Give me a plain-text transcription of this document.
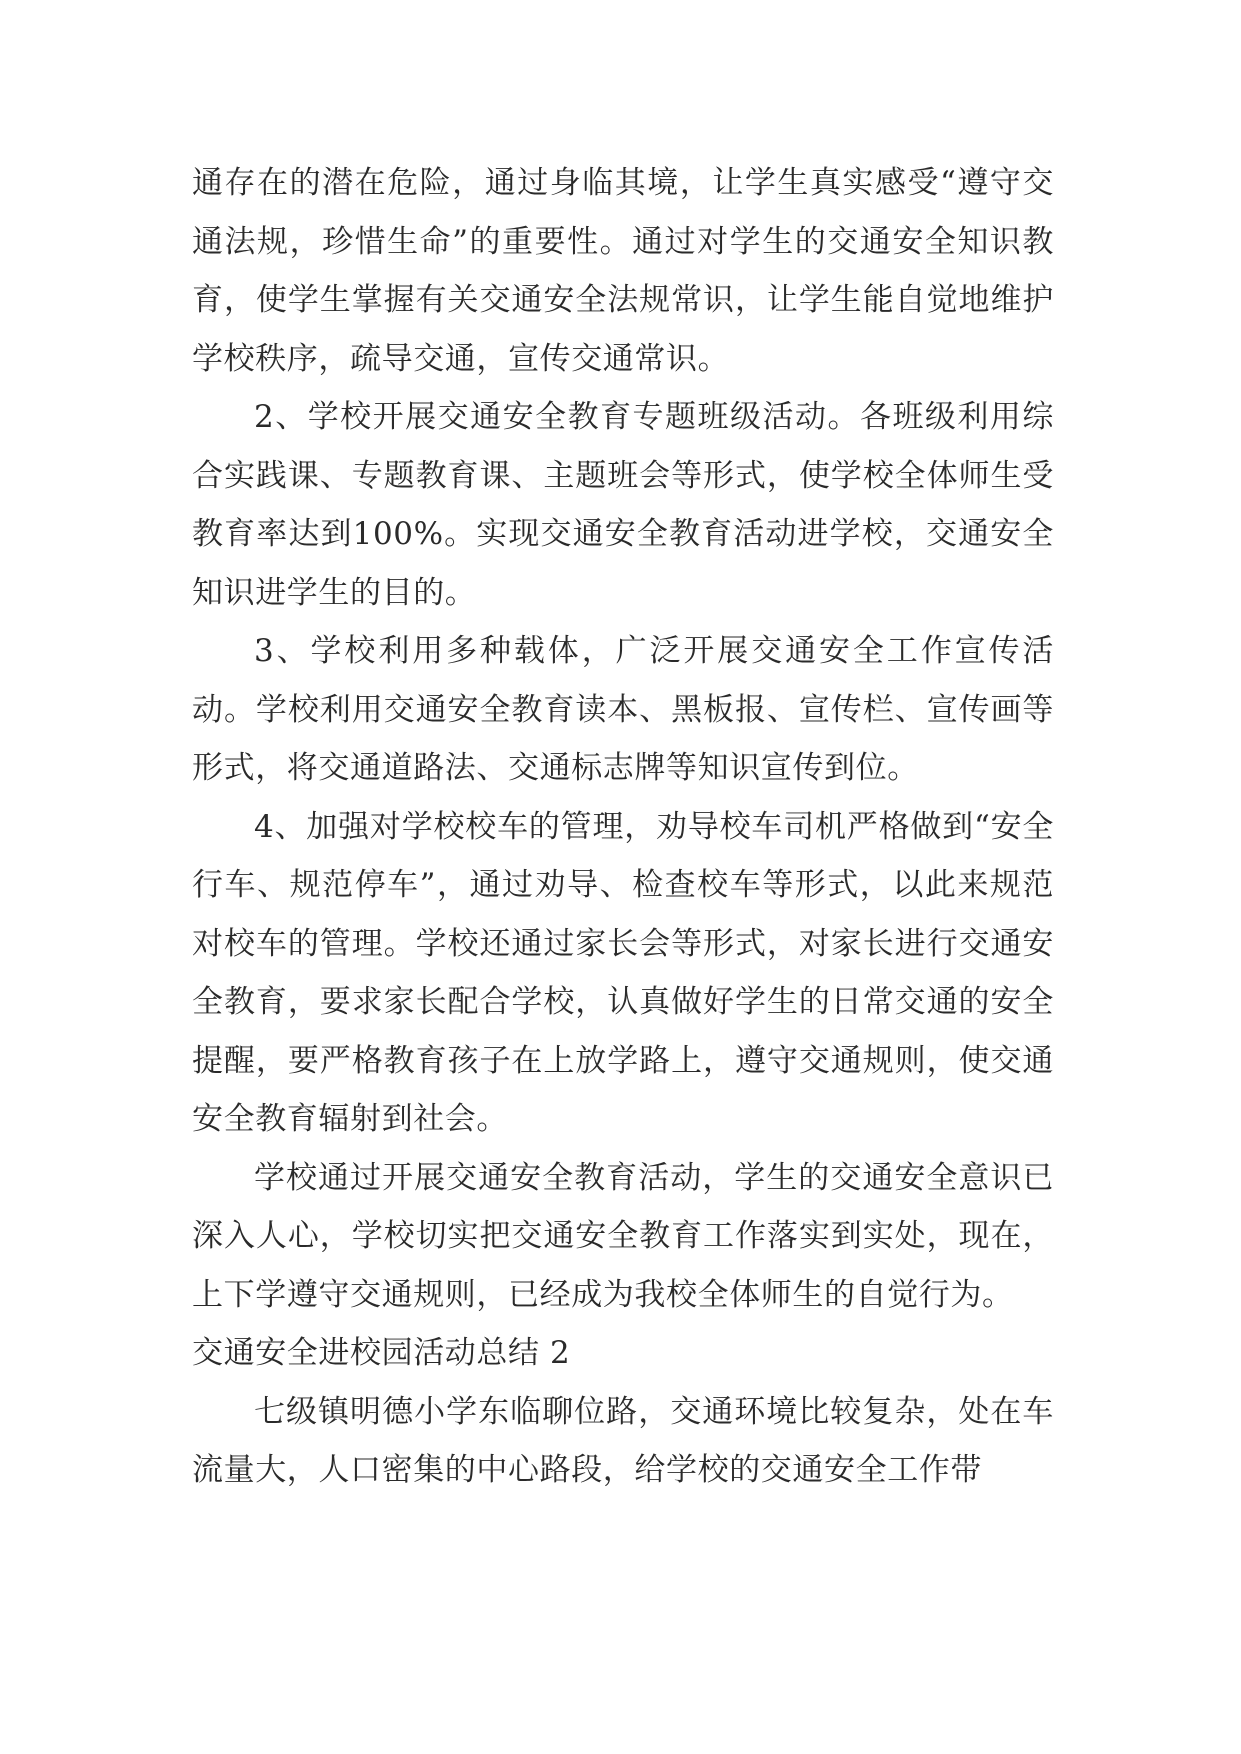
通存在的潜在危险，通过身临其境，让学生真实感受“遵守交通法规，珍惜生命”的重要性。通过对学生的交通安全知识教育，使学生掌握有关交通安全法规常识，让学生能自觉地维护学校秩序，疏导交通，宣传交通常识。

2、学校开展交通安全教育专题班级活动。各班级利用综合实践课、专题教育课、主题班会等形式，使学校全体师生受教育率达到100%。实现交通安全教育活动进学校，交通安全知识进学生的目的。

3、学校利用多种载体，广泛开展交通安全工作宣传活动。学校利用交通安全教育读本、黑板报、宣传栏、宣传画等形式，将交通道路法、交通标志牌等知识宣传到位。

4、加强对学校校车的管理，劝导校车司机严格做到“安全行车、规范停车”，通过劝导、检查校车等形式，以此来规范对校车的管理。学校还通过家长会等形式，对家长进行交通安全教育，要求家长配合学校，认真做好学生的日常交通的安全提醒，要严格教育孩子在上放学路上，遵守交通规则，使交通安全教育辐射到社会。

学校通过开展交通安全教育活动，学生的交通安全意识已深入人心，学校切实把交通安全教育工作落实到实处，现在，上下学遵守交通规则，已经成为我校全体师生的自觉行为。

交通安全进校园活动总结 2

七级镇明德小学东临聊位路，交通环境比较复杂，处在车流量大，人口密集的中心路段，给学校的交通安全工作带
